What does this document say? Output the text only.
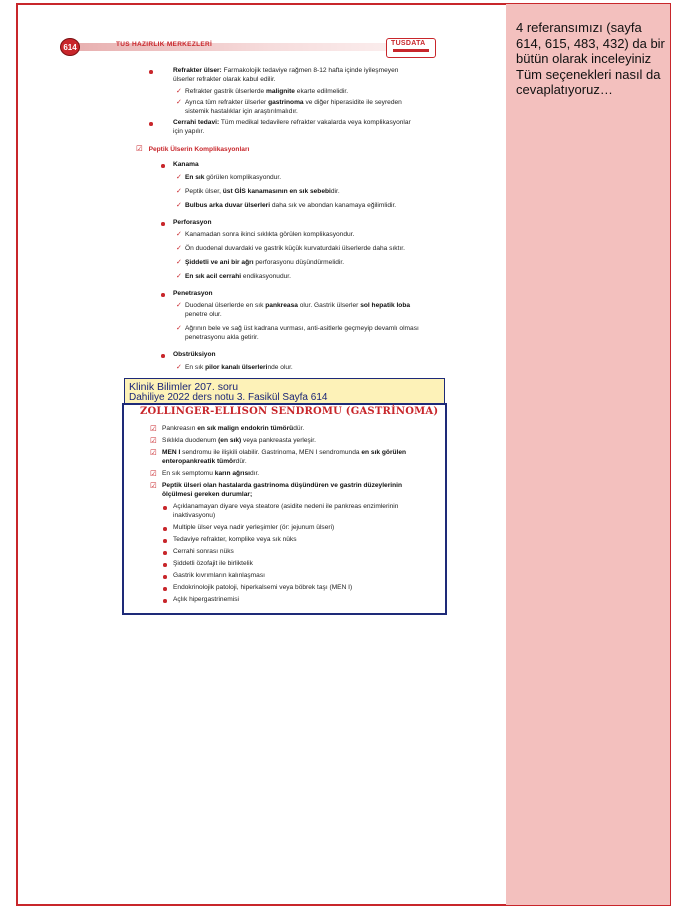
4 referansımızı (sayfa 614, 615, 483, 432) da bir bütün olarak inceleyiniz Tüm seçenekleri nasıl da cevaplatıyoruz…
614	TUS HAZIRLIK MERKEZLERİ	TUSDATA
Refrakter ülser: Farmakolojik tedaviye rağmen 8-12 hafta içinde iyileşmeyen
ülserler refrakter olarak kabul edilir.
✓ Refrakter gastrik ülserlerde malignite ekarte edilmelidir.
✓ Ayrıca tüm refrakter ülserler gastrinoma ve diğer hiperasidite ile seyreden
sistemik hastalıklar için araştırılmalıdır.
Cerrahi tedavi: Tüm medikal tedavilere refrakter vakalarda veya komplikasyonlar
için yapılır.
☑ Peptik Ülserin Komplikasyonları
Kanama
✓ En sık görülen komplikasyondur.
✓ Peptik ülser, üst GİS kanamasının en sık sebebidir.
✓ Bulbus arka duvar ülserleri daha sık ve abondan kanamaya eğilimlidir.
Perforasyon
✓ Kanamadan sonra ikinci sıklıkta görülen komplikasyondur.
✓ Ön duodenal duvardaki ve gastrik küçük kurvaturdaki ülserlerde daha sıktır.
✓ Şiddetli ve ani bir ağrı perforasyonu düşündürmelidir.
✓ En sık acil cerrahi endikasyonudur.
Penetrasyon
✓ Duodenal ülserlerde en sık pankreasa olur. Gastrik ülserler sol hepatik loba
penetre olur.
✓ Ağrının bele ve sağ üst kadrana vurması, anti-asitlerle geçmeyip devamlı olması
penetrasyonu akla getirir.
Obstrüksiyon
✓ En sık pilor kanalı ülserlerinde olur.
Klinik Bilimler 207. soru
Dahiliye 2022 ders notu 3. Fasikül Sayfa 614
ZOLLINGER-ELLISON SENDROMU (GASTRİNOMA)
☑ Pankreasın en sık malign endokrin tümörüdür.
☑ Sıklıkla duodenum (en sık) veya pankreasta yerleşir.
☑ MEN I sendromu ile ilişkili olabilir. Gastrinoma, MEN I sendromunda en sık görülen
enteropankreatik tümördür.
☑ En sık semptomu karın ağrısıdır.
☑ Peptik ülseri olan hastalarda gastrinoma düşündüren ve gastrin düzeylerinin
ölçülmesi gereken durumlar;
Açıklanamayan diyare veya steatore (asidite nedeni ile pankreas enzimlerinin
inaktivasyonu)
Multiple ülser veya nadir yerleşimler (ör: jejunum ülseri)
Tedaviye refrakter, komplike veya sık nüks
Cerrahi sonrası nüks
Şiddetli özofajit ile birliktelik
Gastrik kıvrımların kalınlaşması
Endokrinolojik patoloji, hiperkalsemi veya böbrek taşı (MEN I)
Açlık hipergastrinemisi
